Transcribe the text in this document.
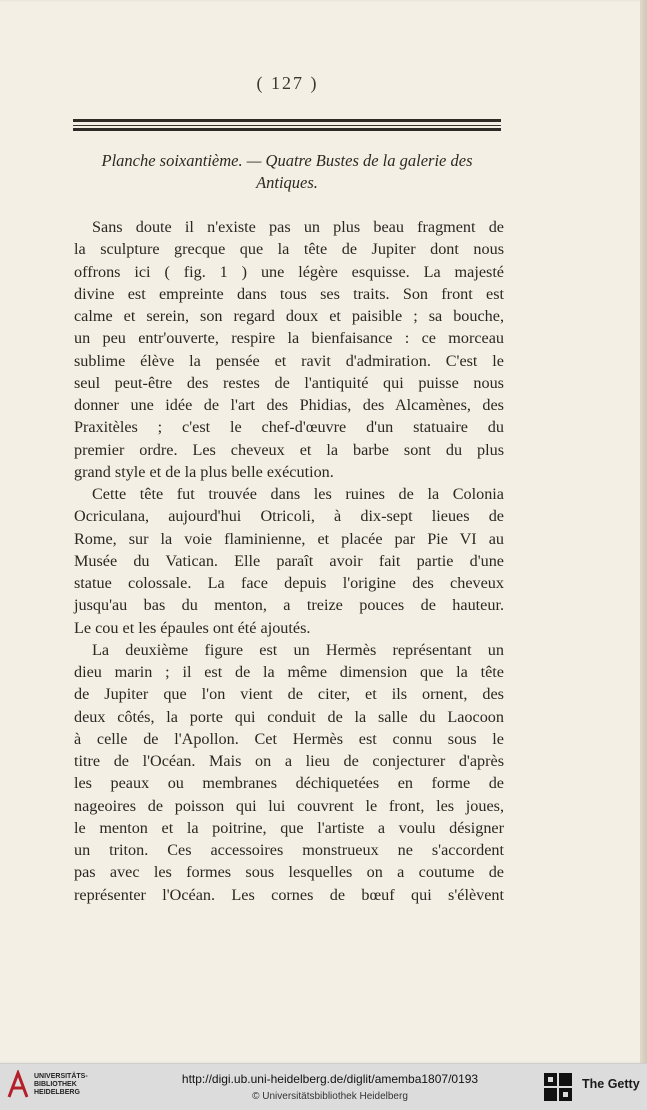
( 127 )
Planche soixantième. — Quatre Bustes de la galerie des
Antiques.
Sans doute il n'existe pas un plus beau fragment de
la sculpture grecque que la tête de Jupiter dont nous
offrons ici ( fig. 1 ) une légère esquisse. La majesté
divine est empreinte dans tous ses traits. Son front est
calme et serein, son regard doux et paisible ; sa bouche,
un peu entr'ouverte, respire la bienfaisance : ce morceau
sublime élève la pensée et ravit d'admiration. C'est le
seul peut-être des restes de l'antiquité qui puisse nous
donner une idée de l'art des Phidias, des Alcamènes, des
Praxitèles ; c'est le chef-d'œuvre d'un statuaire du
premier ordre. Les cheveux et la barbe sont du plus
grand style et de la plus belle exécution.
Cette tête fut trouvée dans les ruines de la Colonia
Ocriculana, aujourd'hui Otricoli, à dix-sept lieues de
Rome, sur la voie flaminienne, et placée par Pie VI au
Musée du Vatican. Elle paraît avoir fait partie d'une
statue colossale. La face depuis l'origine des cheveux
jusqu'au bas du menton, a treize pouces de hauteur.
Le cou et les épaules ont été ajoutés.
La deuxième figure est un Hermès représentant un
dieu marin ; il est de la même dimension que la tête
de Jupiter que l'on vient de citer, et ils ornent, des
deux côtés, la porte qui conduit de la salle du Laocoon
à celle de l'Apollon. Cet Hermès est connu sous le
titre de l'Océan. Mais on a lieu de conjecturer d'après
les peaux ou membranes déchiquetées en forme de
nageoires de poisson qui lui couvrent le front, les joues,
le menton et la poitrine, que l'artiste a voulu désigner
un triton. Ces accessoires monstrueux ne s'accordent
pas avec les formes sous lesquelles on a coutume de
représenter l'Océan. Les cornes de bœuf qui s'élèvent
UNIVERSITÄTS-
BIBLIOTHEK
HEIDELBERG
http://digi.ub.uni-heidelberg.de/diglit/amemba1807/0193
© Universitätsbibliothek Heidelberg
The Getty
